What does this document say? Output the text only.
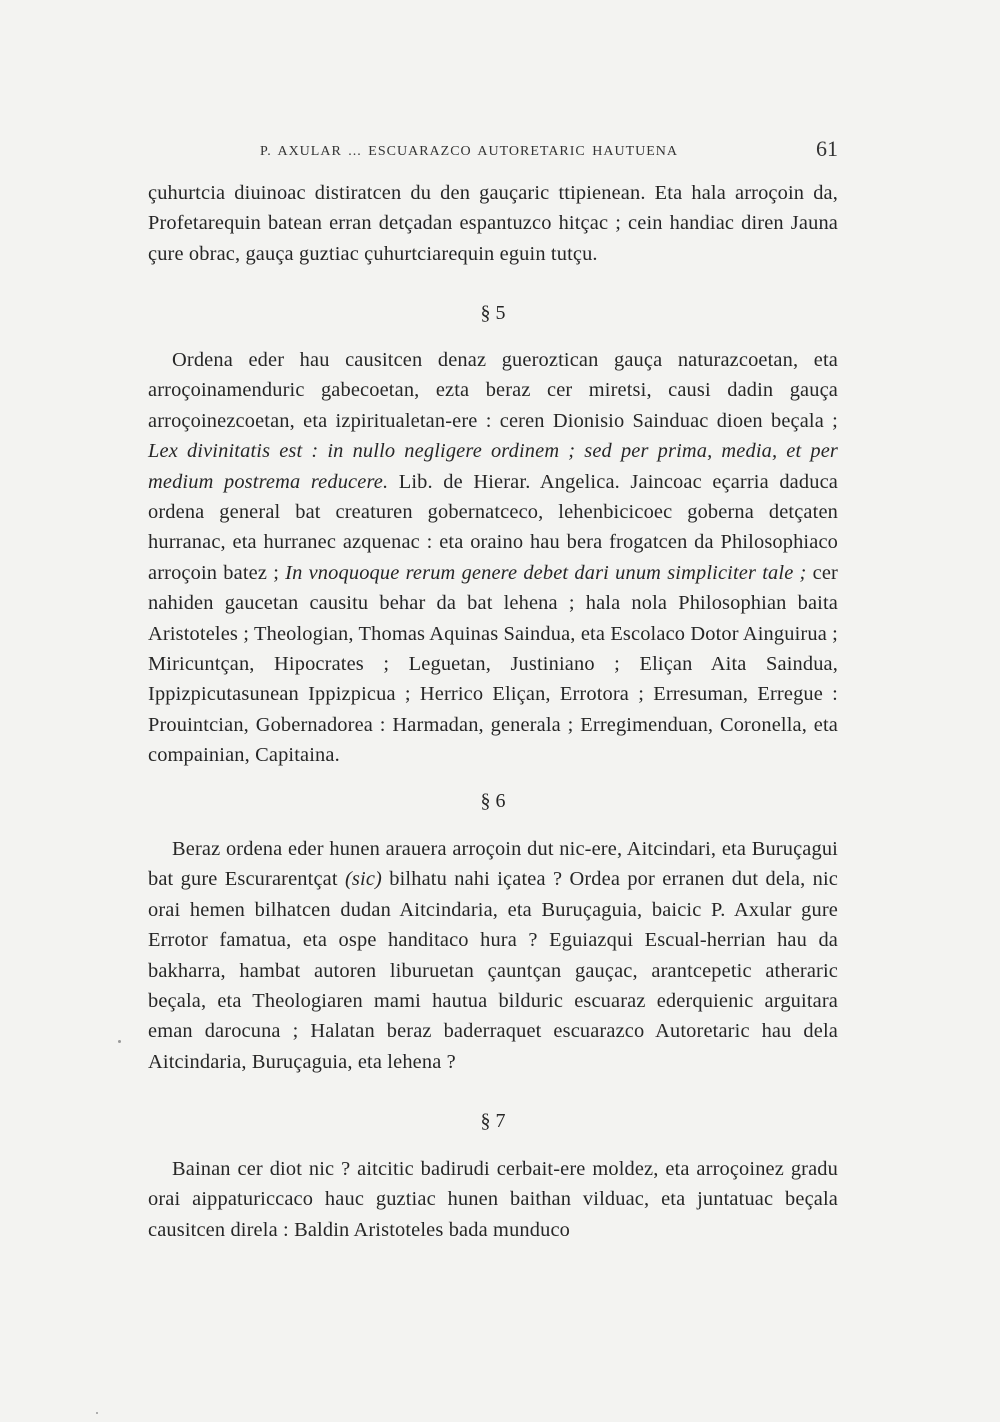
P. AXULAR ... ESCUARAZCO AUTORETARIC HAUTUENA	61

çuhurtcia diuinoac distiratcen du den gauçaric ttipienean. Eta hala arroçoin da, Profetarequin batean erran detçadan espantuzco hitçac ; cein handiac diren Jauna çure obrac, gauça guztiac çuhurtciarequin eguin tutçu.

§ 5

Ordena eder hau causitcen denaz gueroztican gauça naturazcoetan, eta arroçoinamenduric gabecoetan, ezta beraz cer miretsi, causi dadin gauça arroçoinezcoetan, eta izpiritualetan-ere : ceren Dionisio Sainduac dioen beçala ; Lex divinitatis est : in nullo negligere ordinem ; sed per prima, media, et per medium postrema reducere. Lib. de Hierar. Angelica. Jaincoac eçarria daduca ordena general bat creaturen gobernatceco, lehenbicicoec goberna detçaten hurranac, eta hurranec azquenac : eta oraino hau bera frogatcen da Philosophiaco arroçoin batez ; In vnoquoque rerum genere debet dari unum simpliciter tale ; cer nahiden gaucetan causitu behar da bat lehena ; hala nola Philosophian baita Aristoteles ; Theologian, Thomas Aquinas Saindua, eta Escolaco Dotor Ainguirua ; Miricuntçan, Hipocrates ; Leguetan, Justiniano ; Eliçan Aita Saindua, Ippizpicutasunean Ippizpicua ; Herrico Eliçan, Errotora ; Erresuman, Erregue : Prouintcian, Gobernadorea : Harmadan, generala ; Erregimenduan, Coronella, eta compainian, Capitaina.

§ 6

Beraz ordena eder hunen arauera arroçoin dut nic-ere, Aitcindari, eta Buruçagui bat gure Escurarentçat (sic) bilhatu nahi içatea ? Ordea por erranen dut dela, nic orai hemen bilhatcen dudan Aitcindaria, eta Buruçaguia, baicic P. Axular gure Errotor famatua, eta ospe handitaco hura ? Eguiazqui Escual-herrian hau da bakharra, hambat autoren liburuetan çauntçan gauçac, arantcepetic atheraric beçala, eta Theologiaren mami hautua bilduric escuaraz ederquienic arguitara eman darocuna ; Halatan beraz baderraquet escuarazco Autoretaric hau dela Aitcindaria, Buruçaguia, eta lehena ?

§ 7

Bainan cer diot nic ? aitcitic badirudi cerbait-ere moldez, eta arroçoinez gradu orai aippaturiccaco hauc guztiac hunen baithan vilduac, eta juntatuac beçala causitcen direla : Baldin Aristoteles bada munduco
